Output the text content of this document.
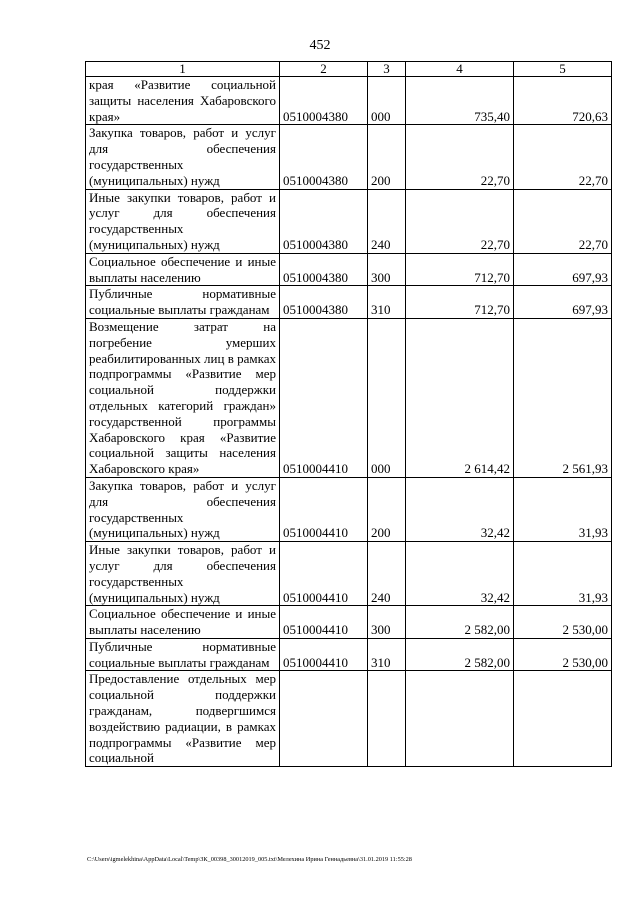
452
1	2	3	4	5
края «Развитие социальной защиты населения Хабаровского края»	0510004380	000	735,40	720,63
Закупка товаров, работ и услуг для обеспечения государственных (муниципальных) нужд	0510004380	200	22,70	22,70
Иные закупки товаров, работ и услуг для обеспечения государственных (муниципальных) нужд	0510004380	240	22,70	22,70
Социальное обеспечение и иные выплаты населению	0510004380	300	712,70	697,93
Публичные нормативные социальные выплаты гражданам	0510004380	310	712,70	697,93
Возмещение затрат на погребение умерших реабилитированных лиц в рамках подпрограммы «Развитие мер социальной поддержки отдельных категорий граждан» государственной программы Хабаровского края «Развитие социальной защиты населения Хабаровского края»	0510004410	000	2 614,42	2 561,93
Закупка товаров, работ и услуг для обеспечения государственных (муниципальных) нужд	0510004410	200	32,42	31,93
Иные закупки товаров, работ и услуг для обеспечения государственных (муниципальных) нужд	0510004410	240	32,42	31,93
Социальное обеспечение и иные выплаты населению	0510004410	300	2 582,00	2 530,00
Публичные нормативные социальные выплаты гражданам	0510004410	310	2 582,00	2 530,00
Предоставление отдельных мер социальной поддержки гражданам, подвергшимся воздействию радиации, в рамках подпрограммы «Развитие мер социальной				
C:\Users\igmelekhina\AppData\Local\Temp\ЗК_00398_30012019_005.txt\Мелехина Ирина Геннадьевна\31.01.2019 11:55:28
